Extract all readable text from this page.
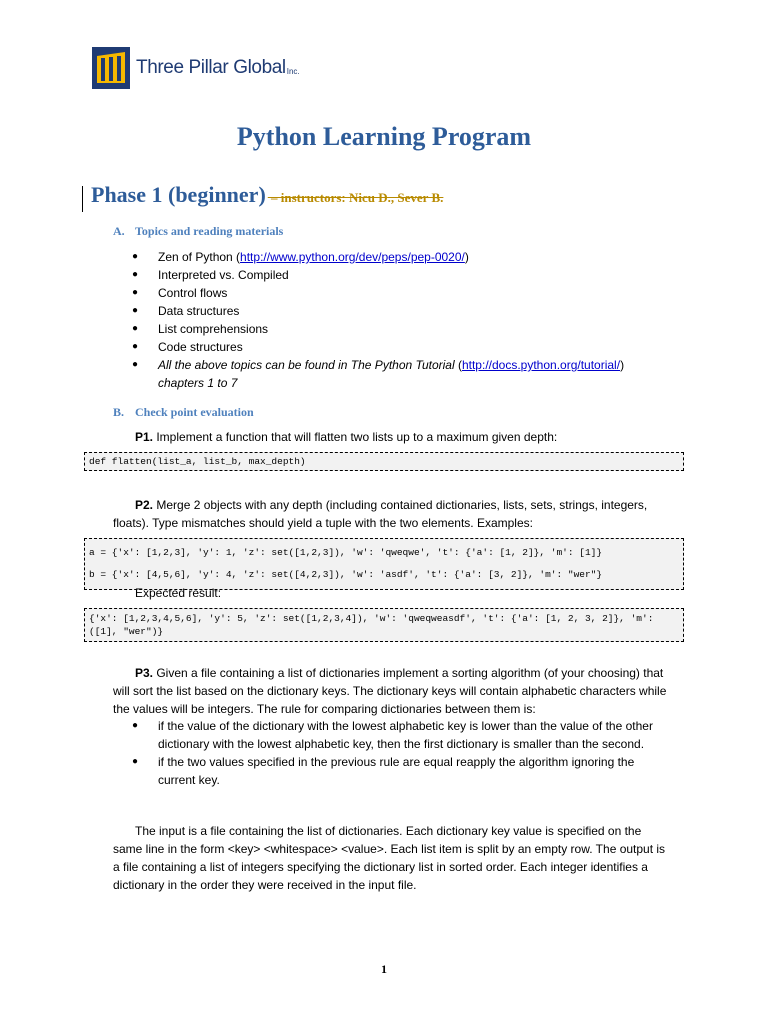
Three Pillar Global$_{Inc.}$
Python Learning Program
Phase 1 (beginner) – instructors: Nicu D., Sever B.
A. Topics and reading materials
●	Zen of Python (http://www.python.org/dev/peps/pep-0020/)
●	Interpreted vs. Compiled
●	Control flows
●	Data structures
●	List comprehensions
●	Code structures
●	All the above topics can be found in The Python Tutorial (http://docs.python.org/tutorial/)
chapters 1 to 7
B. Check point evaluation
P1. Implement a function that will flatten two lists up to a maximum given depth:
def flatten(list_a, list_b, max_depth)
P2. Merge 2 objects with any depth (including contained dictionaries, lists, sets, strings, integers, floats). Type mismatches should yield a tuple with the two elements. Examples:
a = {'x': [1,2,3], 'y': 1, 'z': set([1,2,3]), 'w': 'qweqwe', 't': {'a': [1, 2]}, 'm': [1]}
b = {'x': [4,5,6], 'y': 4, 'z': set([4,2,3]), 'w': 'asdf', 't': {'a': [3, 2]}, 'm': "wer"}
Expected result:
{'x': [1,2,3,4,5,6], 'y': 5, 'z': set([1,2,3,4]), 'w': 'qweqweasdf', 't': {'a': [1, 2, 3, 2]}, 'm': ([1], "wer")}
P3. Given a file containing a list of dictionaries implement a sorting algorithm (of your choosing) that will sort the list based on the dictionary keys. The dictionary keys will contain alphabetic characters while the values will be integers. The rule for comparing dictionaries between them is:
●	if the value of the dictionary with the lowest alphabetic key is lower than the value of the other dictionary with the lowest alphabetic key, then the first dictionary is smaller than the second.
●	if the two values specified in the previous rule are equal reapply the algorithm ignoring the current key.
The input is a file containing the list of dictionaries. Each dictionary key value is specified on the same line in the form <key> <whitespace> <value>. Each list item is split by an empty row. The output is a file containing a list of integers specifying the dictionary list in sorted order. Each integer identifies a dictionary in the order they were received in the input file.
1
